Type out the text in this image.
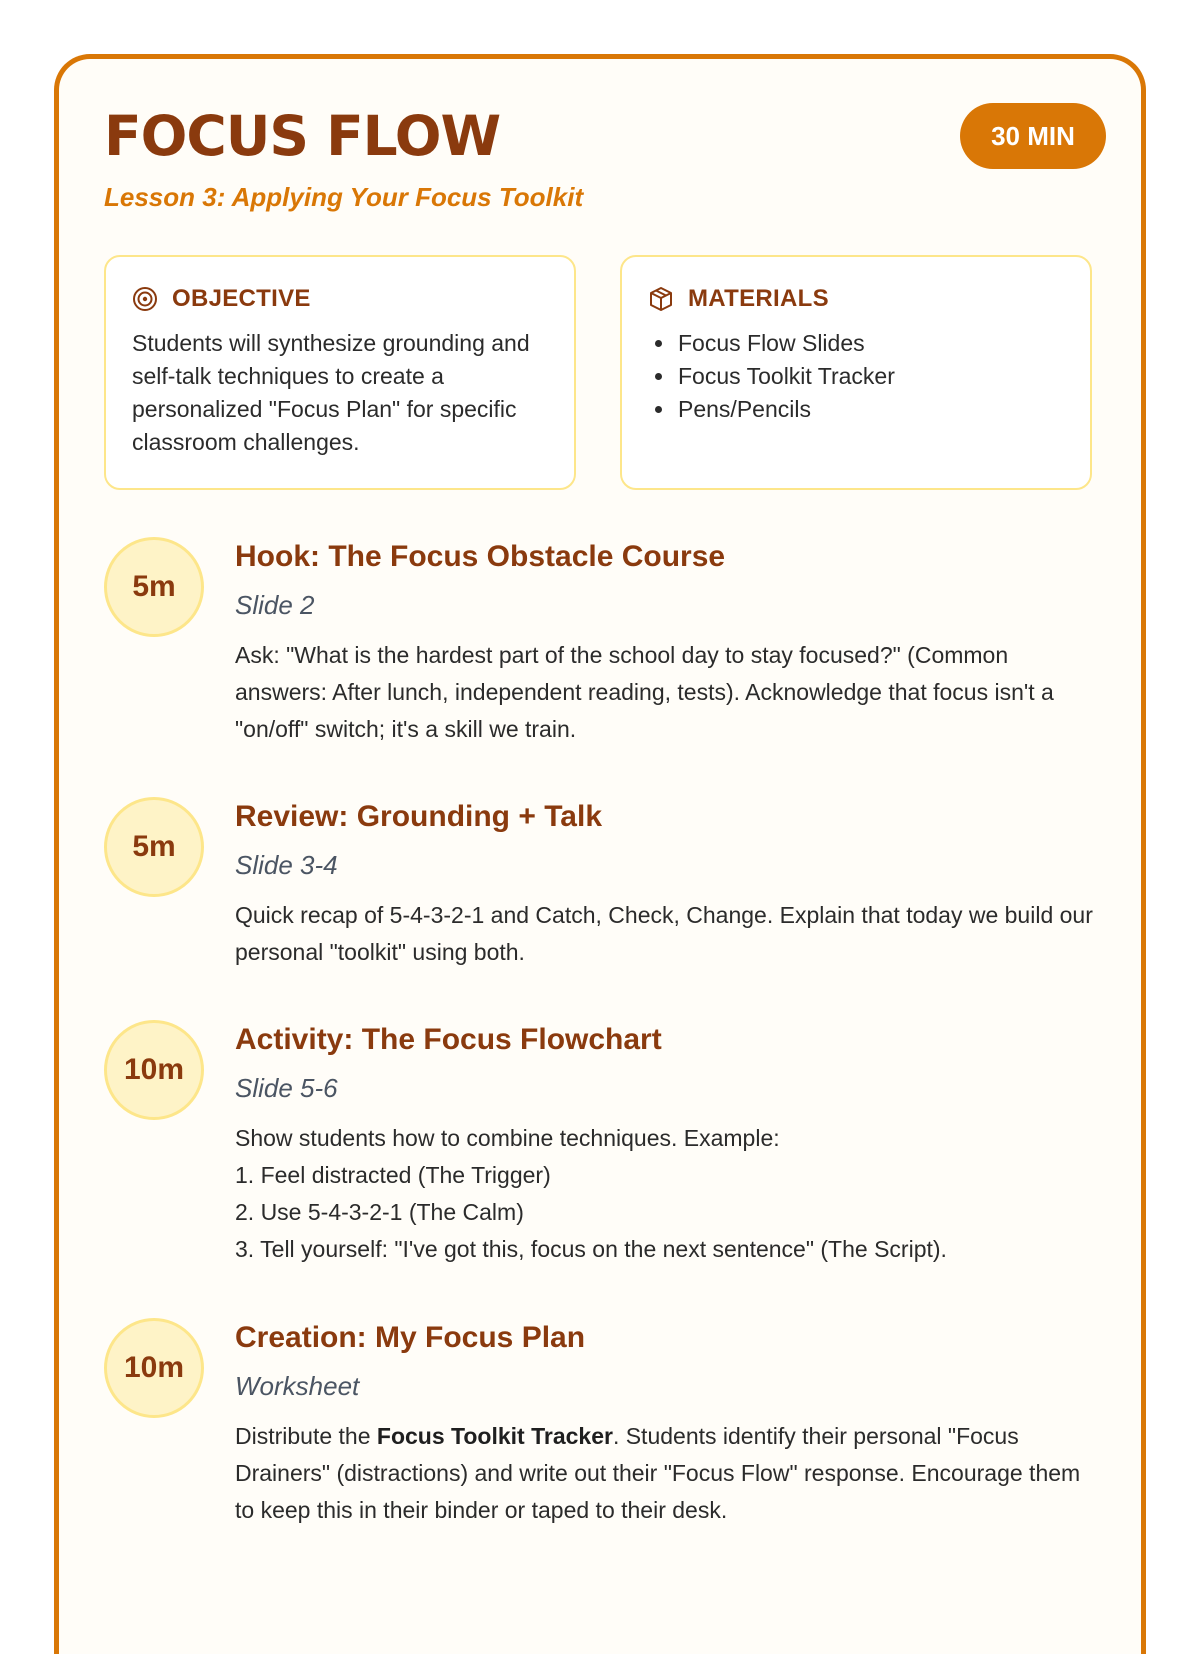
FOCUS FLOW
Lesson 3: Applying Your Focus Toolkit
30 MIN
OBJECTIVE
Students will synthesize grounding and self-talk techniques to create a personalized "Focus Plan" for specific classroom challenges.
MATERIALS
• Focus Flow Slides
• Focus Toolkit Tracker
• Pens/Pencils
5m
Hook: The Focus Obstacle Course
Slide 2
Ask: "What is the hardest part of the school day to stay focused?" (Common answers: After lunch, independent reading, tests). Acknowledge that focus isn't a "on/off" switch; it's a skill we train.
5m
Review: Grounding + Talk
Slide 3-4
Quick recap of 5-4-3-2-1 and Catch, Check, Change. Explain that today we build our personal "toolkit" using both.
10m
Activity: The Focus Flowchart
Slide 5-6
Show students how to combine techniques. Example:
1. Feel distracted (The Trigger)
2. Use 5-4-3-2-1 (The Calm)
3. Tell yourself: "I've got this, focus on the next sentence" (The Script).
10m
Creation: My Focus Plan
Worksheet
Distribute the Focus Toolkit Tracker. Students identify their personal "Focus Drainers" (distractions) and write out their "Focus Flow" response. Encourage them to keep this in their binder or taped to their desk.
